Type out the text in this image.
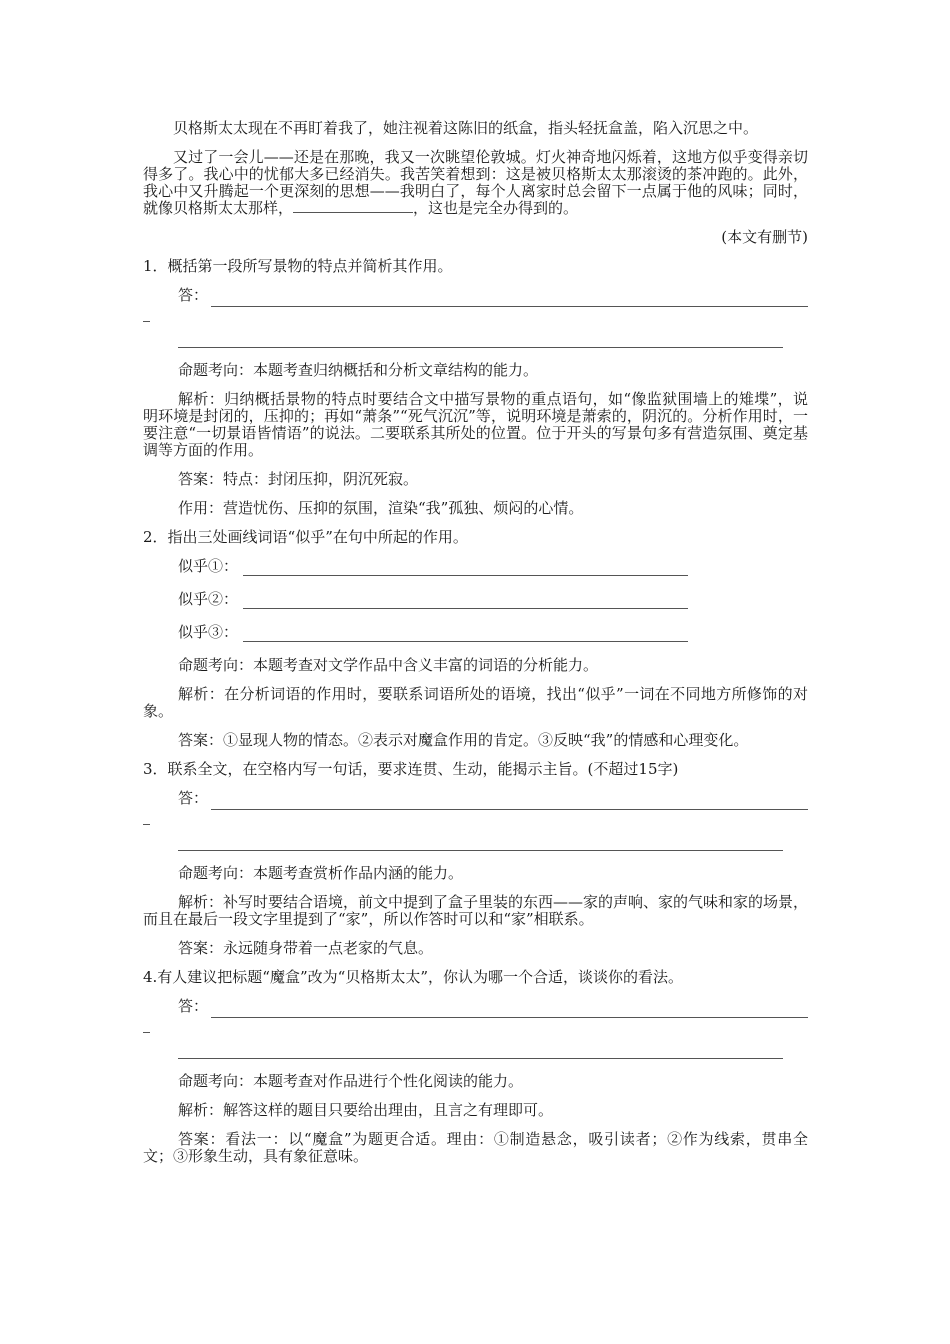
贝格斯太太现在不再盯着我了，她注视着这陈旧的纸盒，指头轻抚盒盖，陷入沉思之中。

又过了一会儿——还是在那晚，我又一次眺望伦敦城。灯火神奇地闪烁着，这地方似乎变得亲切得多了。我心中的忧郁大多已经消失。我苦笑着想到：这是被贝格斯太太那滚烫的茶冲跑的。此外，我心中又升腾起一个更深刻的思想——我明白了，每个人离家时总会留下一点属于他的风味；同时，就像贝格斯太太那样，	，这也是完全办得到的。

(本文有删节)

1．概括第一段所写景物的特点并简析其作用。

答：

命题考向：本题考查归纳概括和分析文章结构的能力。

解析：归纳概括景物的特点时要结合文中描写景物的重点语句，如“像监狱围墙上的雉堞”，说明环境是封闭的，压抑的；再如“萧条”“死气沉沉”等，说明环境是萧索的，阴沉的。分析作用时，一要注意“一切景语皆情语”的说法。二要联系其所处的位置。位于开头的写景句多有营造氛围、奠定基调等方面的作用。

答案：特点：封闭压抑，阴沉死寂。

作用：营造忧伤、压抑的氛围，渲染“我”孤独、烦闷的心情。

2．指出三处画线词语“似乎”在句中所起的作用。

似乎①：
似乎②：
似乎③：

命题考向：本题考查对文学作品中含义丰富的词语的分析能力。

解析：在分析词语的作用时，要联系词语所处的语境，找出“似乎”一词在不同地方所修饰的对象。

答案：①显现人物的情态。②表示对魔盒作用的肯定。③反映“我”的情感和心理变化。

3．联系全文，在空格内写一句话，要求连贯、生动，能揭示主旨。(不超过15字)

答：

命题考向：本题考查赏析作品内涵的能力。

解析：补写时要结合语境，前文中提到了盒子里装的东西——家的声响、家的气味和家的场景，而且在最后一段文字里提到了“家”，所以作答时可以和“家”相联系。

答案：永远随身带着一点老家的气息。

4.有人建议把标题“魔盒”改为“贝格斯太太”，你认为哪一个合适，谈谈你的看法。

答：

命题考向：本题考查对作品进行个性化阅读的能力。

解析：解答这样的题目只要给出理由，且言之有理即可。

答案：看法一：以“魔盒”为题更合适。理由：①制造悬念，吸引读者；②作为线索，贯串全文；③形象生动，具有象征意味。
